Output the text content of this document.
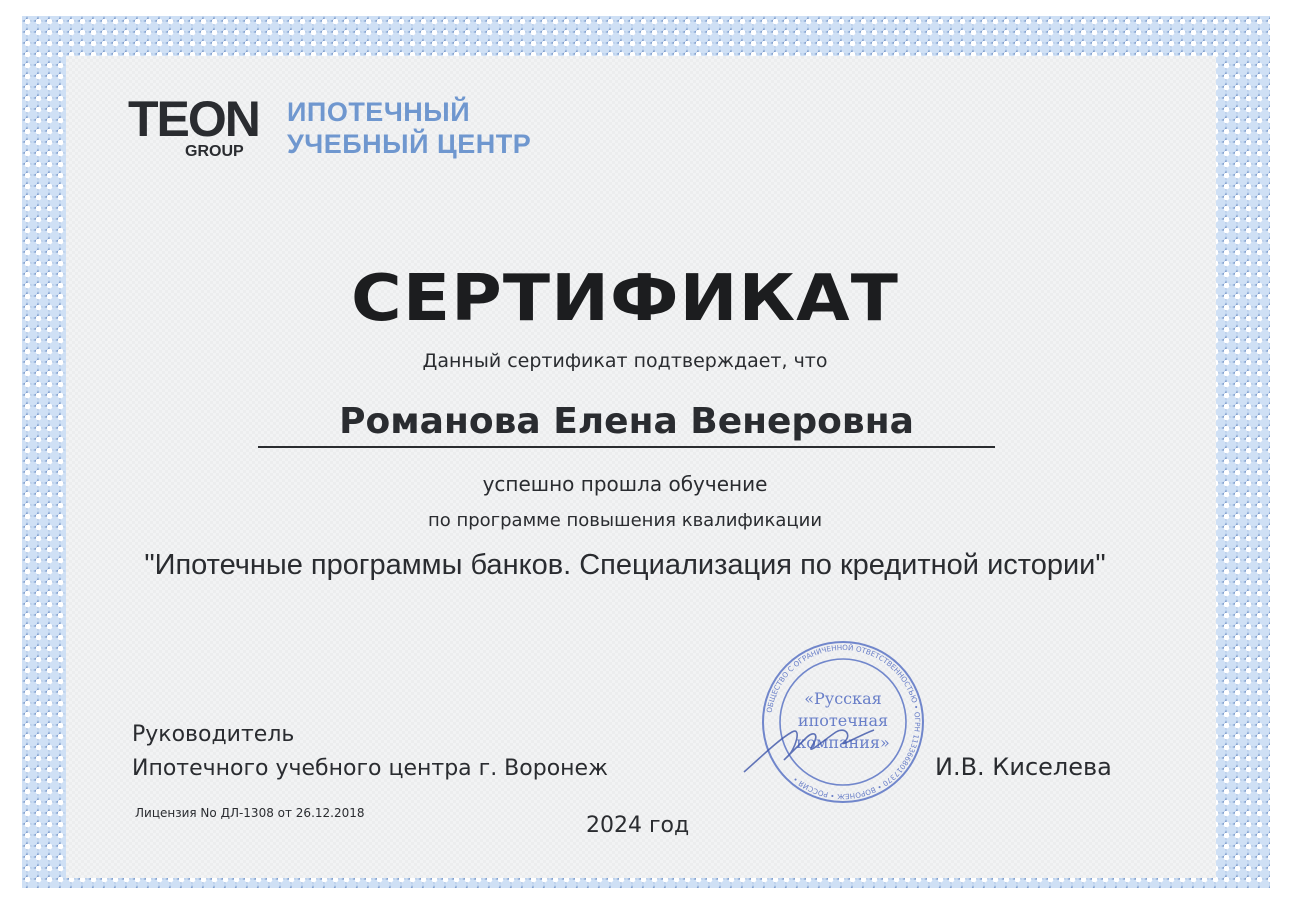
TEON
GROUP
ИПОТЕЧНЫЙ
УЧЕБНЫЙ ЦЕНТР
СЕРТИФИКАТ
Данный сертификат подтверждает, что
Романова Елена Венеровна
успешно прошла обучение
по программе повышения квалификации
"Ипотечные программы банков. Специализация по кредитной истории"
Руководитель
Ипотечного учебного центра г. Воронеж
Лицензия No ДЛ-1308 от 26.12.2018	2024 год
И.В. Киселева
ОБЩЕСТВО С ОГРАНИЧЕННОЙ ОТВЕТСТВЕННОСТЬЮ • ОГРН 1133668017370 • ВОРОНЕЖ • РОССИЯ •
«Русская
ипотечная
компания»
